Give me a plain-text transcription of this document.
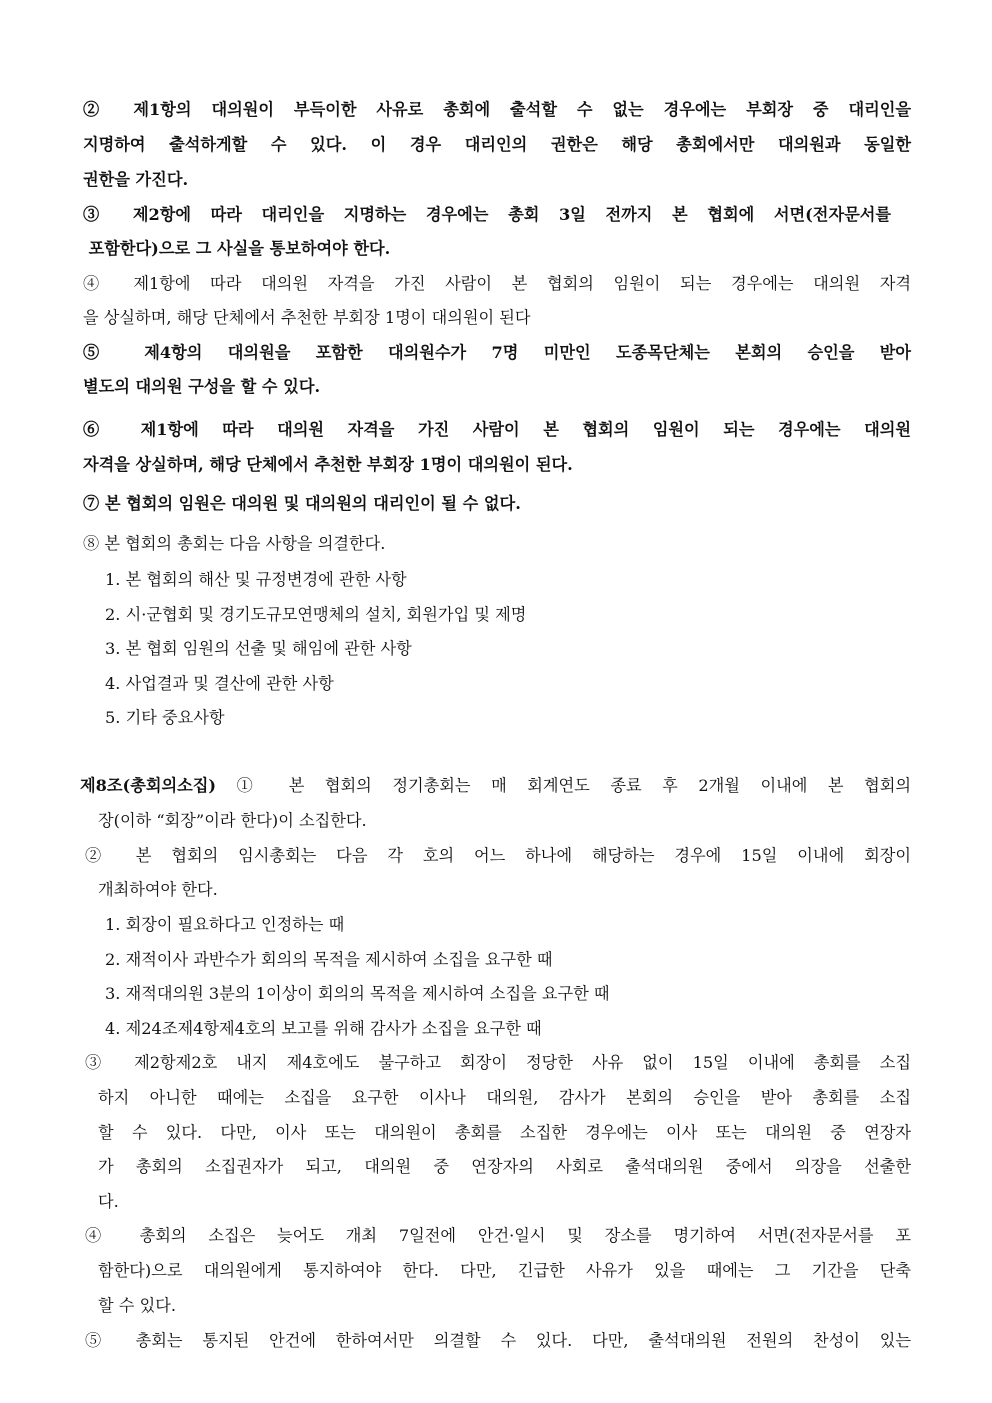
② 제1항의 대의원이 부득이한 사유로 총회에 출석할 수 없는 경우에는 부회장 중 대리인을
지명하여 출석하게할 수 있다. 이 경우 대리인의 권한은 해당 총회에서만 대의원과 동일한
권한을 가진다.
③ 제2항에 따라 대리인을 지명하는 경우에는 총회 3일 전까지 본 협회에 서면(전자문서를
포함한다)으로 그 사실을 통보하여야 한다.
④ 제1항에 따라 대의원 자격을 가진 사람이 본 협회의 임원이 되는 경우에는 대의원 자격
을 상실하며, 해당 단체에서 추천한 부회장 1명이 대의원이 된다
⑤ 제4항의 대의원을 포함한 대의원수가 7명 미만인 도종목단체는 본회의 승인을 받아
별도의 대의원 구성을 할 수 있다.
⑥ 제1항에 따라 대의원 자격을 가진 사람이 본 협회의 임원이 되는 경우에는 대의원
자격을 상실하며, 해당 단체에서 추천한 부회장 1명이 대의원이 된다.
⑦ 본 협회의 임원은 대의원 및 대의원의 대리인이 될 수 없다.
⑧ 본 협회의 총회는 다음 사항을 의결한다.
1. 본 협회의 해산 및 규정변경에 관한 사항
2. 시·군협회 및 경기도규모연맹체의 설치, 회원가입 및 제명
3. 본 협회 임원의 선출 및 해임에 관한 사항
4. 사업결과 및 결산에 관한 사항
5. 기타 중요사항
제8조(총회의소집) ① 본 협회의 정기총회는 매 회계연도 종료 후 2개월 이내에 본 협회의
장(이하 “회장”이라 한다)이 소집한다.
② 본 협회의 임시총회는 다음 각 호의 어느 하나에 해당하는 경우에 15일 이내에 회장이
개최하여야 한다.
1. 회장이 필요하다고 인정하는 때
2. 재적이사 과반수가 회의의 목적을 제시하여 소집을 요구한 때
3. 재적대의원 3분의 1이상이 회의의 목적을 제시하여 소집을 요구한 때
4. 제24조제4항제4호의 보고를 위해 감사가 소집을 요구한 때
③ 제2항제2호 내지 제4호에도 불구하고 회장이 정당한 사유 없이 15일 이내에 총회를 소집
하지 아니한 때에는 소집을 요구한 이사나 대의원, 감사가 본회의 승인을 받아 총회를 소집
할 수 있다. 다만, 이사 또는 대의원이 총회를 소집한 경우에는 이사 또는 대의원 중 연장자
가 총회의 소집권자가 되고, 대의원 중 연장자의 사회로 출석대의원 중에서 의장을 선출한
다.
④ 총회의 소집은 늦어도 개최 7일전에 안건·일시 및 장소를 명기하여 서면(전자문서를 포
함한다)으로 대의원에게 통지하여야 한다. 다만, 긴급한 사유가 있을 때에는 그 기간을 단축
할 수 있다.
⑤ 총회는 통지된 안건에 한하여서만 의결할 수 있다. 다만, 출석대의원 전원의 찬성이 있는
